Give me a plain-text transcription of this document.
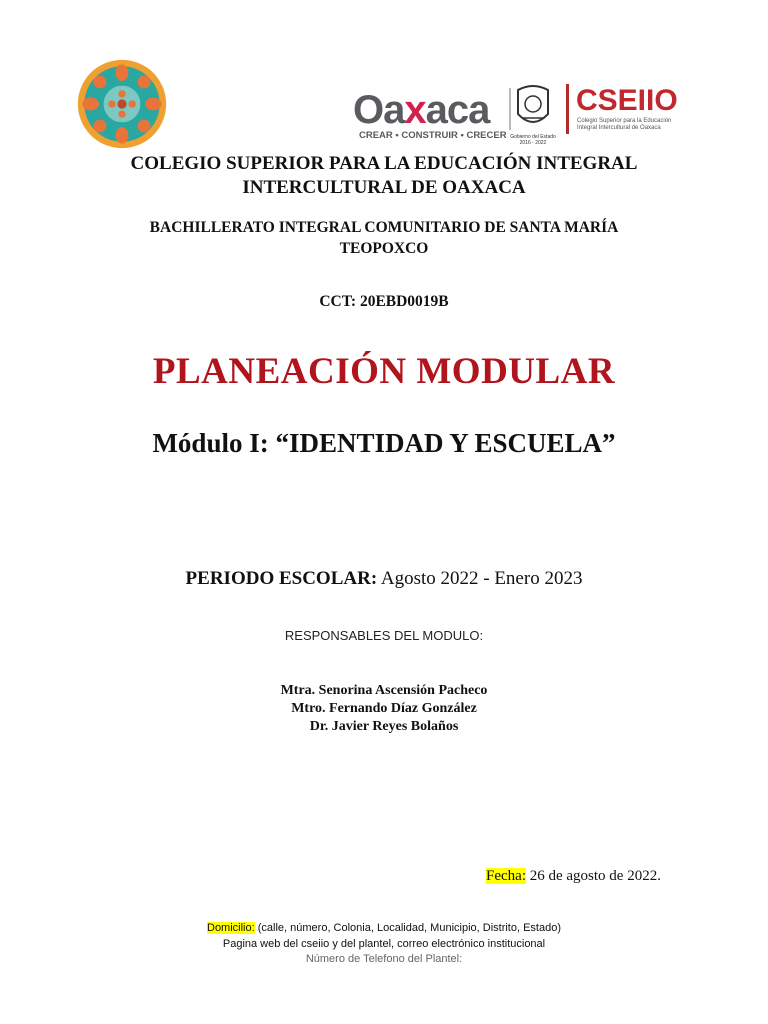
Oaxaca
CREAR • CONSTRUIR • CRECER Gobierno del Estado
2016 - 2022
CSEIIO
Colegio Superior para la Educación Integral Intercultural de Oaxaca
COLEGIO SUPERIOR PARA LA EDUCACIÓN INTEGRAL
INTERCULTURAL DE OAXACA
BACHILLERATO INTEGRAL COMUNITARIO DE SANTA MARÍA
TEOPOXCO
CCT: 20EBD0019B
PLANEACIÓN MODULAR
Módulo I: “IDENTIDAD Y ESCUELA”
PERIODO ESCOLAR: Agosto 2022 - Enero 2023
RESPONSABLES DEL MODULO:
Mtra. Senorina Ascensión Pacheco
Mtro. Fernando Díaz González
Dr. Javier Reyes Bolaños
Fecha: 26 de agosto de 2022.
Domicilio: (calle, número, Colonia, Localidad, Municipio, Distrito, Estado)
Pagina web del cseiio y del plantel, correo electrónico institucional
Número de Telefono del Plantel:
